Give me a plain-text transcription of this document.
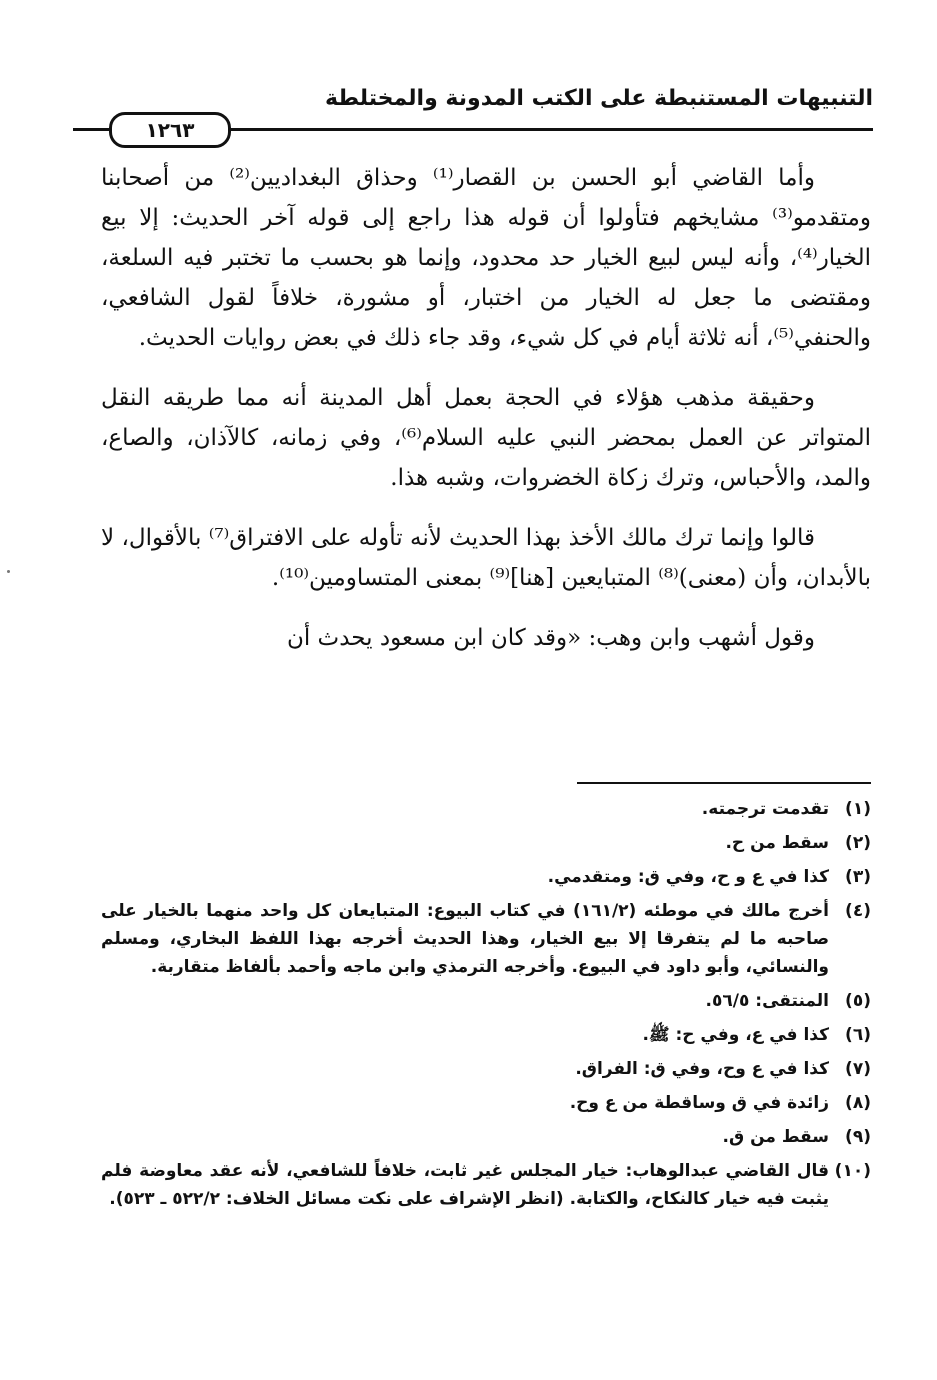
التنبيهات المستنبطة على الكتب المدونة والمختلطة
١٢٦٣

وأما القاضي أبو الحسن بن القصار⁽¹⁾ وحذاق البغداديين⁽²⁾ من أصحابنا ومتقدمو⁽³⁾ مشايخهم فتأولوا أن قوله هذا راجع إلى قوله آخر الحديث: إلا بيع الخيار⁽⁴⁾، وأنه ليس لبيع الخيار حد محدود، وإنما هو بحسب ما تختبر فيه السلعة، ومقتضى ما جعل له الخيار من اختبار، أو مشورة، خلافاً لقول الشافعي، والحنفي⁽⁵⁾، أنه ثلاثة أيام في كل شيء، وقد جاء ذلك في بعض روايات الحديث.

وحقيقة مذهب هؤلاء في الحجة بعمل أهل المدينة أنه مما طريقه النقل المتواتر عن العمل بمحضر النبي عليه السلام⁽⁶⁾، وفي زمانه، كالآذان، والصاع، والمد، والأحباس، وترك زكاة الخضروات، وشبه هذا.

قالوا وإنما ترك مالك الأخذ بهذا الحديث لأنه تأوله على الافتراق⁽⁷⁾ بالأقوال، لا بالأبدان، وأن (معنى)⁽⁸⁾ المتبايعين [هنا]⁽⁹⁾ بمعنى المتساومين⁽¹⁰⁾.

وقول أشهب وابن وهب: «وقد كان ابن مسعود يحدث أن

(١)
تقدمت ترجمته.
(٢)
سقط من ح.
(٣)
كذا في ع و ح، وفي ق: ومتقدمي.
(٤)
أخرج مالك في موطئه (١٦١/٢) في كتاب البيوع: المتبايعان كل واحد منهما بالخيار على صاحبه ما لم يتفرقا إلا بيع الخيار، وهذا الحديث أخرجه بهذا اللفظ البخاري، ومسلم والنسائي، وأبو داود في البيوع. وأخرجه الترمذي وابن ماجه وأحمد بألفاظ متقاربة.
(٥)
المنتقى: ٥٦/٥.
(٦)
كذا في ع، وفي ح: ﷺ.
(٧)
كذا في ع وح، وفي ق: الفراق.
(٨)
زائدة في ق وساقطة من ع وح.
(٩)
سقط من ق.
(١٠)
قال القاضي عبدالوهاب: خيار المجلس غير ثابت، خلافاً للشافعي، لأنه عقد معاوضة فلم يثبت فيه خيار كالنكاح، والكتابة. (انظر الإشراف على نكت مسائل الخلاف: ٥٢٢/٢ ـ ٥٢٣).
